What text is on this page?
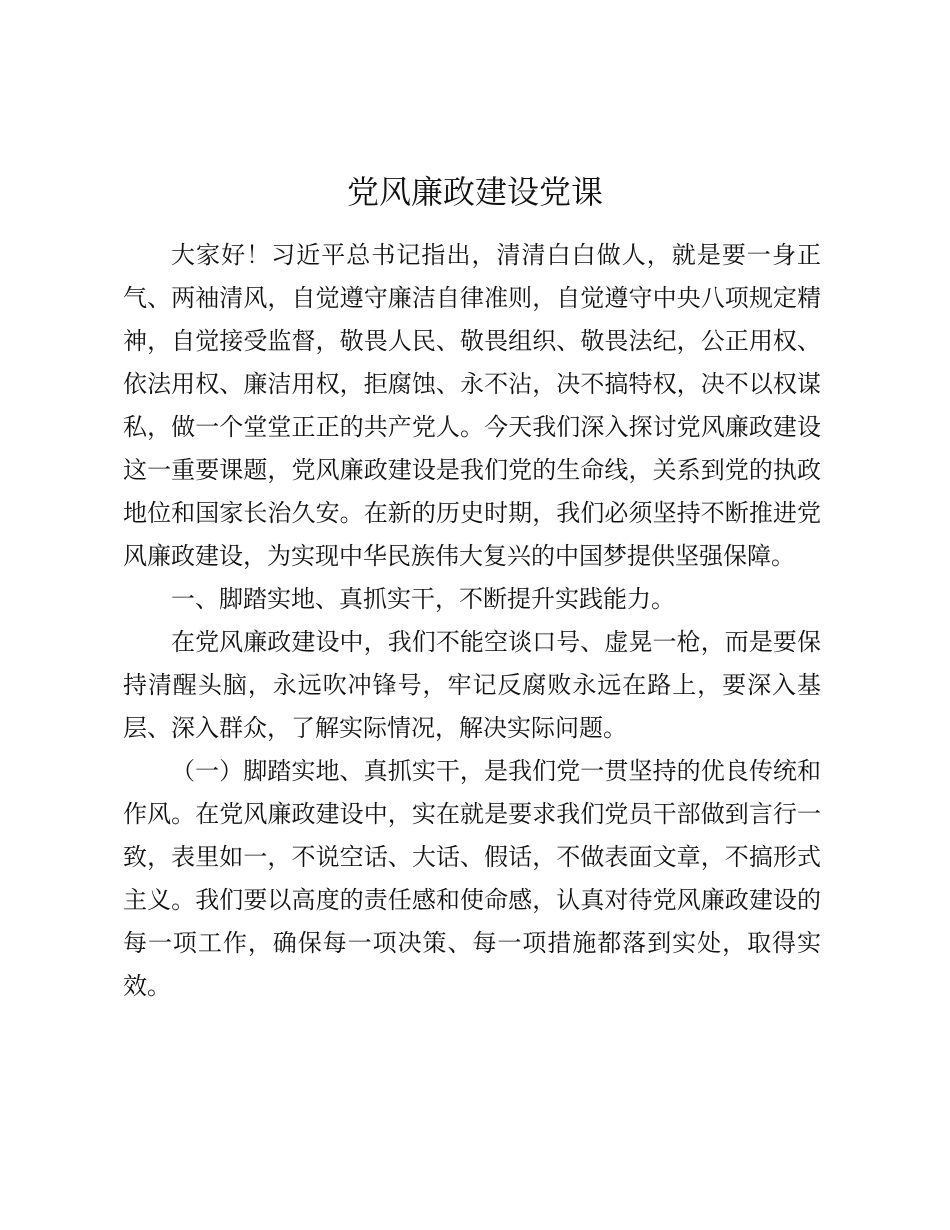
党风廉政建设党课

大家好！习近平总书记指出，清清白白做人，就是要一身正气、两袖清风，自觉遵守廉洁自律准则，自觉遵守中央八项规定精神，自觉接受监督，敬畏人民、敬畏组织、敬畏法纪，公正用权、依法用权、廉洁用权，拒腐蚀、永不沾，决不搞特权，决不以权谋私，做一个堂堂正正的共产党人。今天我们深入探讨党风廉政建设这一重要课题，党风廉政建设是我们党的生命线，关系到党的执政地位和国家长治久安。在新的历史时期，我们必须坚持不断推进党风廉政建设，为实现中华民族伟大复兴的中国梦提供坚强保障。

一、脚踏实地、真抓实干，不断提升实践能力。

在党风廉政建设中，我们不能空谈口号、虚晃一枪，而是要保持清醒头脑，永远吹冲锋号，牢记反腐败永远在路上，要深入基层、深入群众，了解实际情况，解决实际问题。

（一）脚踏实地、真抓实干，是我们党一贯坚持的优良传统和作风。在党风廉政建设中，实在就是要求我们党员干部做到言行一致，表里如一，不说空话、大话、假话，不做表面文章，不搞形式主义。我们要以高度的责任感和使命感，认真对待党风廉政建设的每一项工作，确保每一项决策、每一项措施都落到实处，取得实效。
